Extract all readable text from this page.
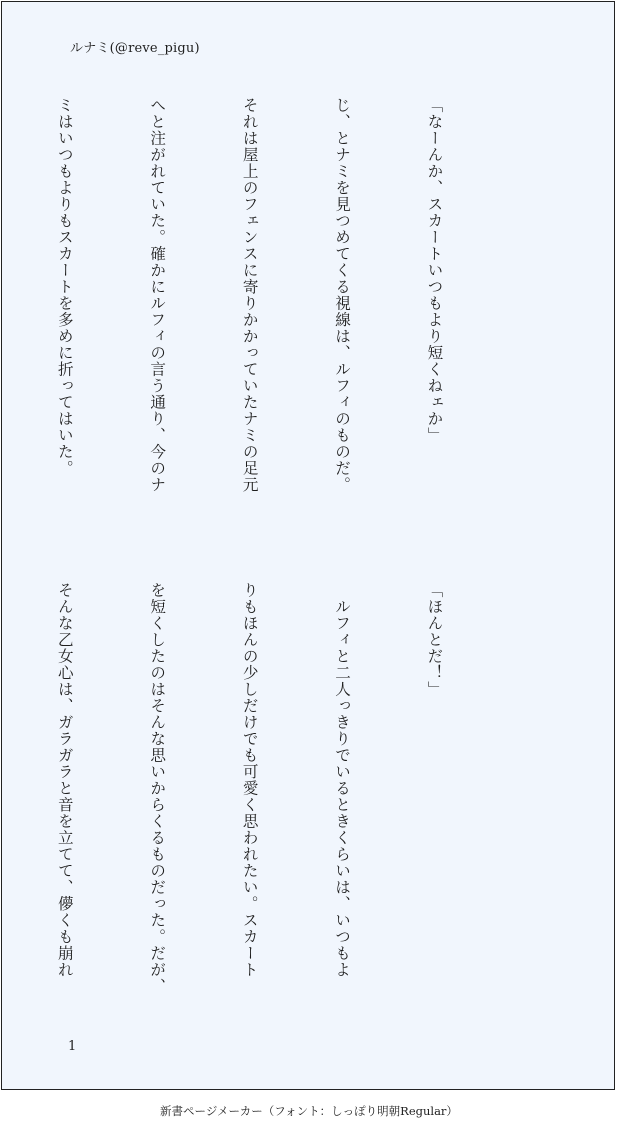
ルナミ(@reve_pigu)

「なーんか、スカートいつもより短くねェか」

じ、とナミを見つめてくる視線は、ルフィのものだ。

それは屋上のフェンスに寄りかかっていたナミの足元

へと注がれていた。確かにルフィの言う通り、今のナ

ミはいつもよりもスカートを多めに折ってはいた。

「ほんとだ！」

　ルフィと二人っきりでいるときくらいは、いつもよ

りもほんの少しだけでも可愛く思われたい。スカート

を短くしたのはそんな思いからくるものだった。だが、

そんな乙女心は、ガラガラと音を立てて、儚くも崩れ

1
新書ページメーカー（フォント：しっぽり明朝Regular）
